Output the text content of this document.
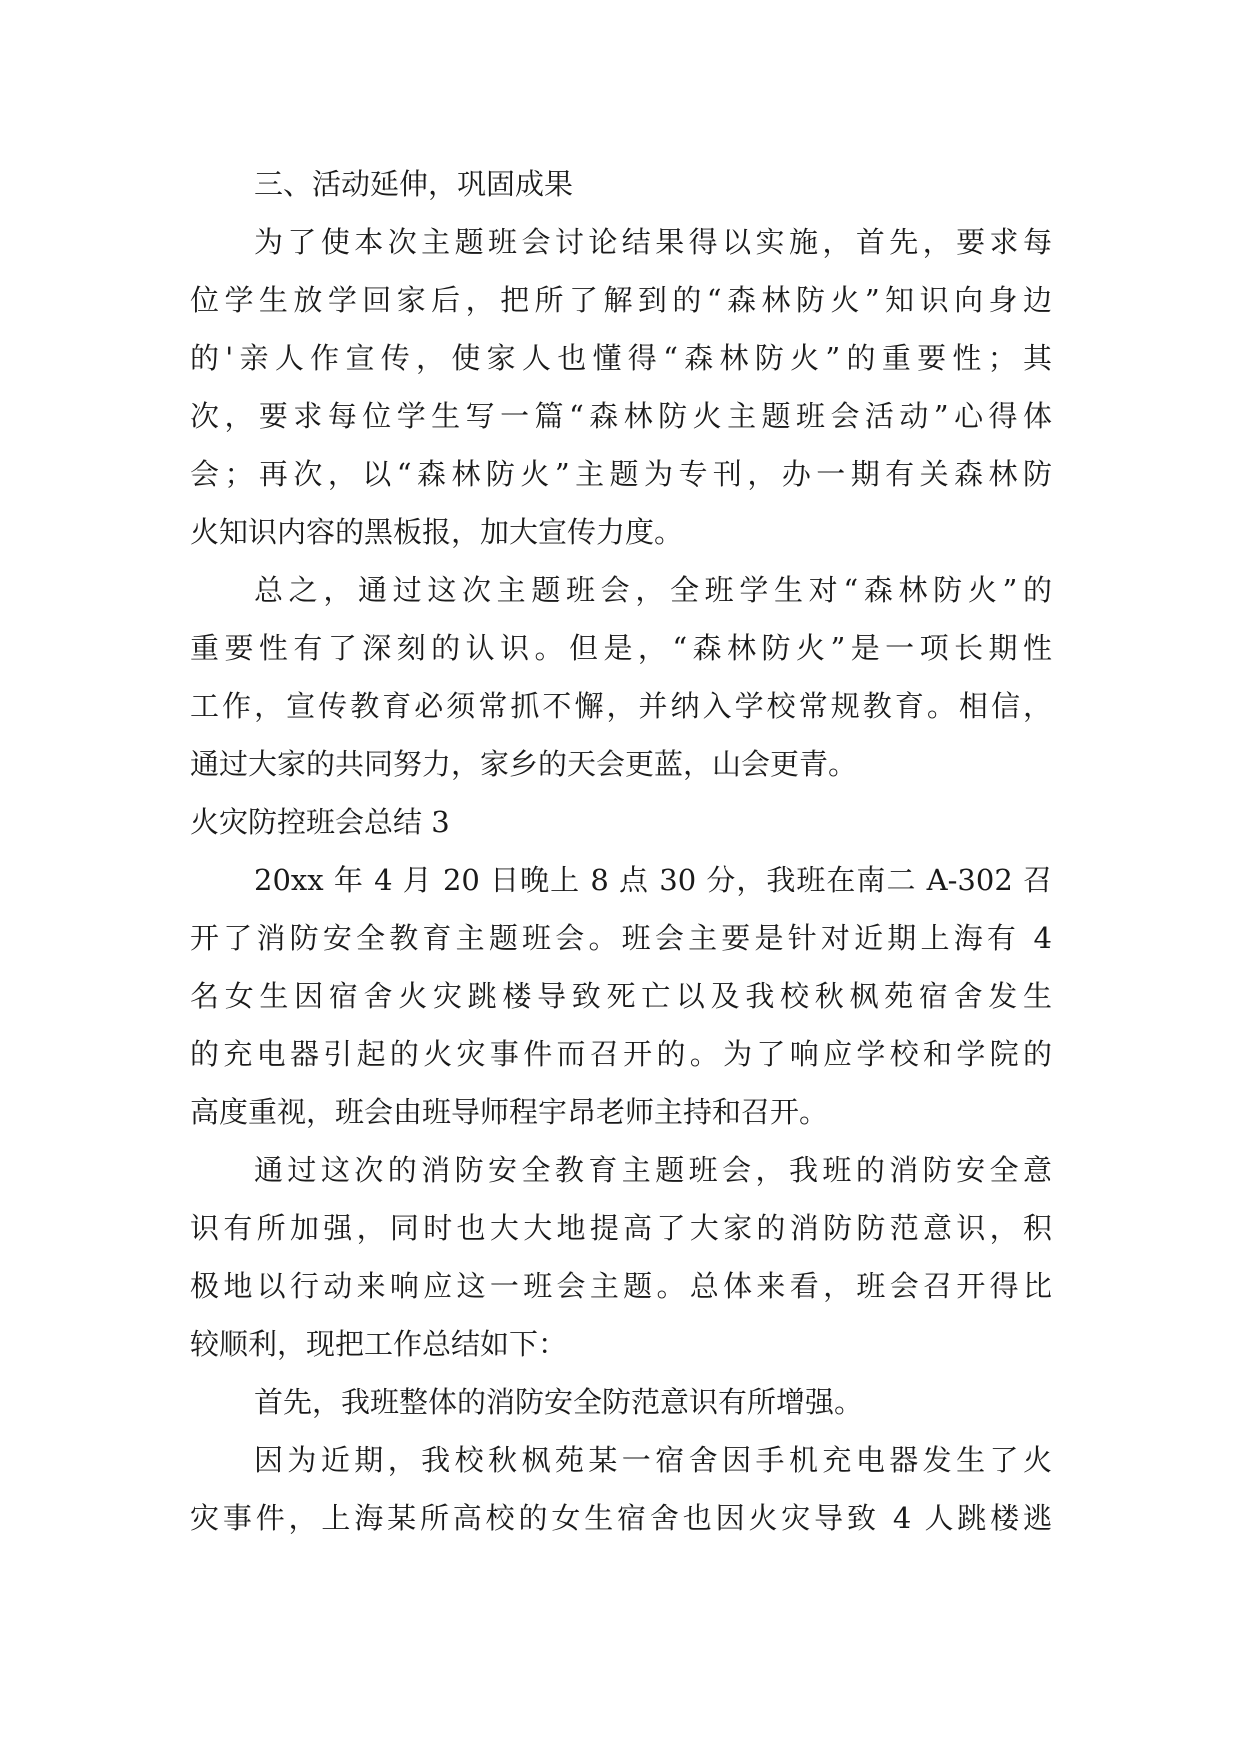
三、活动延伸，巩固成果
为了使本次主题班会讨论结果得以实施，首先，要求每
位学生放学回家后，把所了解到的“森林防火”知识向身边
的'亲人作宣传，使家人也懂得“森林防火”的重要性；其
次，要求每位学生写一篇“森林防火主题班会活动”心得体
会；再次，以“森林防火”主题为专刊，办一期有关森林防
火知识内容的黑板报，加大宣传力度。
总之，通过这次主题班会，全班学生对“森林防火”的
重要性有了深刻的认识。但是，“森林防火”是一项长期性
工作，宣传教育必须常抓不懈，并纳入学校常规教育。相信，
通过大家的共同努力，家乡的天会更蓝，山会更青。
火灾防控班会总结 3
20xx 年 4 月 20 日晚上 8 点 30 分，我班在南二 A-302 召
开了消防安全教育主题班会。班会主要是针对近期上海有 4
名女生因宿舍火灾跳楼导致死亡以及我校秋枫苑宿舍发生
的充电器引起的火灾事件而召开的。为了响应学校和学院的
高度重视，班会由班导师程宇昂老师主持和召开。
通过这次的消防安全教育主题班会，我班的消防安全意
识有所加强，同时也大大地提高了大家的消防防范意识，积
极地以行动来响应这一班会主题。总体来看，班会召开得比
较顺利，现把工作总结如下：
首先，我班整体的消防安全防范意识有所增强。
因为近期，我校秋枫苑某一宿舍因手机充电器发生了火
灾事件，上海某所高校的女生宿舍也因火灾导致 4 人跳楼逃
